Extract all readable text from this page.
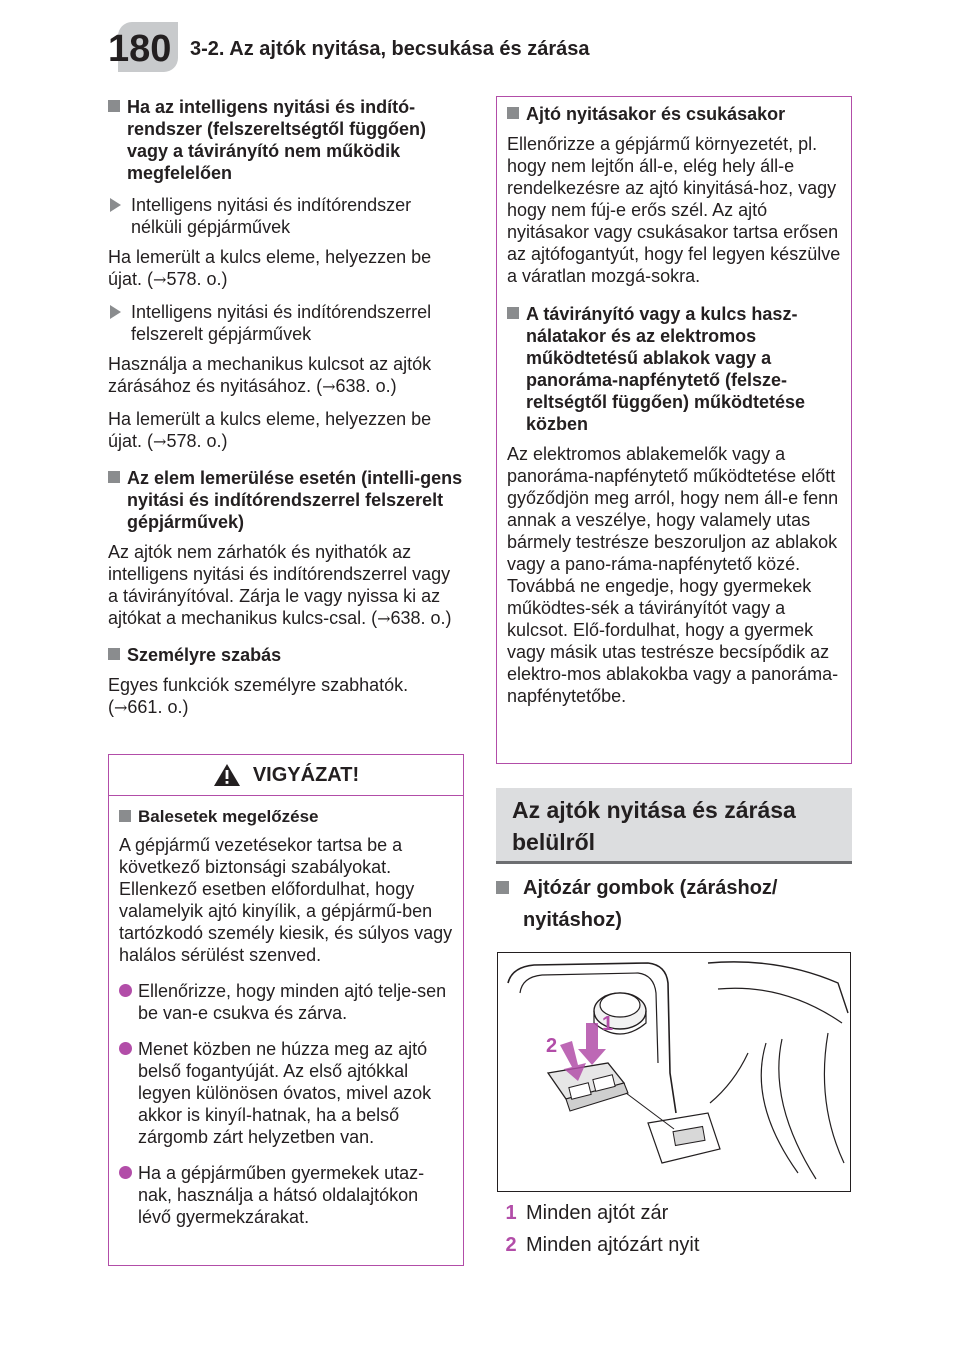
180 3-2. Az ajtók nyitása, becsukása és zárása
Ha az intelligens nyitási és indító-rendszer (felszereltségtől függően) vagy a távirányító nem működik megfelelően
Intelligens nyitási és indítórendszer nélküli gépjárművek

Ha lemerült a kulcs eleme, helyezzen be újat. (→578. o.)

Intelligens nyitási és indítórendszerrel felszerelt gépjárművek

Használja a mechanikus kulcsot az ajtók zárásához és nyitásához. (→638. o.)

Ha lemerült a kulcs eleme, helyezzen be újat. (→578. o.)

Az elem lemerülése esetén (intelli-gens nyitási és indítórendszerrel felszerelt gépjárművek)

Az ajtók nem zárhatók és nyithatók az intelligens nyitási és indítórendszerrel vagy a távirányítóval. Zárja le vagy nyissa ki az ajtókat a mechanikus kulcs-csal. (→638. o.)

Személyre szabás

Egyes funkciók személyre szabhatók. (→661. o.)

VIGYÁZAT!
Balesetek megelőzése

A gépjármű vezetésekor tartsa be a következő biztonsági szabályokat. Ellenkező esetben előfordulhat, hogy valamelyik ajtó kinyílik, a gépjármű-ben tartózkodó személy kiesik, és súlyos vagy halálos sérülést szenved.

Ellenőrizze, hogy minden ajtó telje-sen be van-e csukva és zárva.
Menet közben ne húzza meg az ajtó belső fogantyúját. Az első ajtókkal legyen különösen óvatos, mivel azok akkor is kinyíl-hatnak, ha a belső zárgomb zárt helyzetben van.
Ha a gépjárműben gyermekek utaz-nak, használja a hátsó oldalajtókon lévő gyermekzárakat.
Ajtó nyitásakor és csukásakor

Ellenőrizze a gépjármű környezetét, pl. hogy nem lejtőn áll-e, elég hely áll-e rendelkezésre az ajtó kinyitásá-hoz, vagy hogy nem fúj-e erős szél. Az ajtó nyitásakor vagy csukásakor tartsa erősen az ajtófogantyút, hogy fel legyen készülve a váratlan mozgá-sokra.

A távirányító vagy a kulcs hasz-nálatakor és az elektromos működtetésű ablakok vagy a panoráma-napfénytető (felsze-reltségtől függően) működtetése közben

Az elektromos ablakemelők vagy a panoráma-napfénytető működtetése előtt győződjön meg arról, hogy nem áll-e fenn annak a veszélye, hogy valamely utas bármely testrésze beszoruljon az ablakok vagy a pano-ráma-napfénytető közé. Továbbá ne engedje, hogy gyermekek működtes-sék a távirányítót vagy a kulcsot. Elő-fordulhat, hogy a gyermek vagy másik utas testrésze becsípődik az elektro-mos ablakokba vagy a panoráma-napfénytetőbe.

Az ajtók nyitása és zárása
belülről
Ajtózár gombok (záráshoz/
nyitáshoz)
1
2
1 Minden ajtót zár
2 Minden ajtózárt nyit
